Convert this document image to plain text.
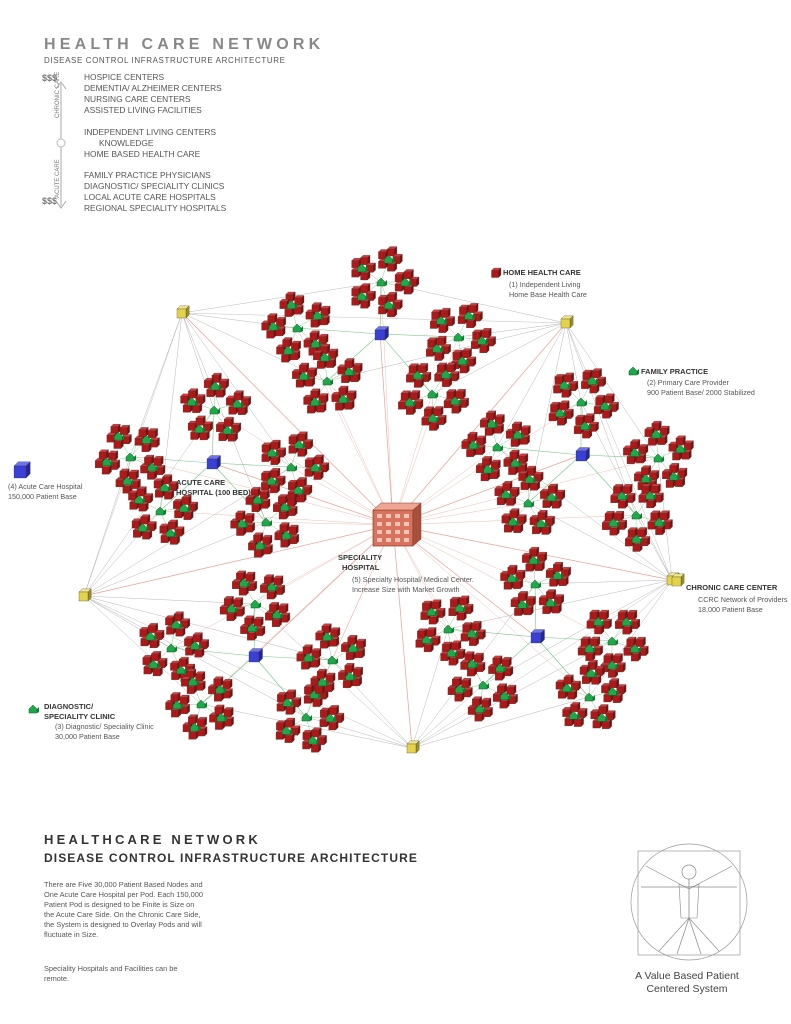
HEALTH CARE NETWORK
DISEASE CONTROL INFRASTRUCTURE ARCHITECTURE
$$$
$$$
CHRONIC CARE
ACUTE CARE
HOSPICE CENTERS
DEMENTIA/ ALZHEIMER CENTERS
NURSING CARE CENTERS
ASSISTED LIVING FACILITIES
INDEPENDENT LIVING CENTERS
KNOWLEDGE
HOME BASED HEALTH CARE
FAMILY PRACTICE PHYSICIANS
DIAGNOSTIC/ SPECIALITY CLINICS
LOCAL ACUTE CARE HOSPITALS
REGIONAL SPECIALITY HOSPITALS
HOME HEALTH CARE
(1) Independent Living
Home Base Health Care
FAMILY PRACTICE
(2) Primary Care Provider
900 Patient Base/ 2000 Stabilized
CHRONIC CARE CENTER
CCRC Network of Providers
18,000 Patient Base
(4) Acute Care Hospital
150,000 Patient Base
ACUTE CARE
HOSPITAL (100 BED)
SPECIALITY
HOSPITAL
(5) Specialty Hospital/ Medical Center.
Increase Size with Market Growth
DIAGNOSTIC/
SPECIALITY CLINIC
(3) Diagnostic/ Speciality Clinic
30,000 Patient Base
HEALTHCARE NETWORK
DISEASE CONTROL INFRASTRUCTURE ARCHITECTURE
There are Five 30,000 Patient Based Nodes and One Acute Care Hospital per Pod. Each 150,000 Patient Pod is designed to be Finite is Size on the Acute Care Side. On the Chronic Care Side, the System is designed to Overlay Pods and will fluctuate in Size.
Speciality Hospitals and Facilities can be remote.	A Value Based Patient
Centered System
